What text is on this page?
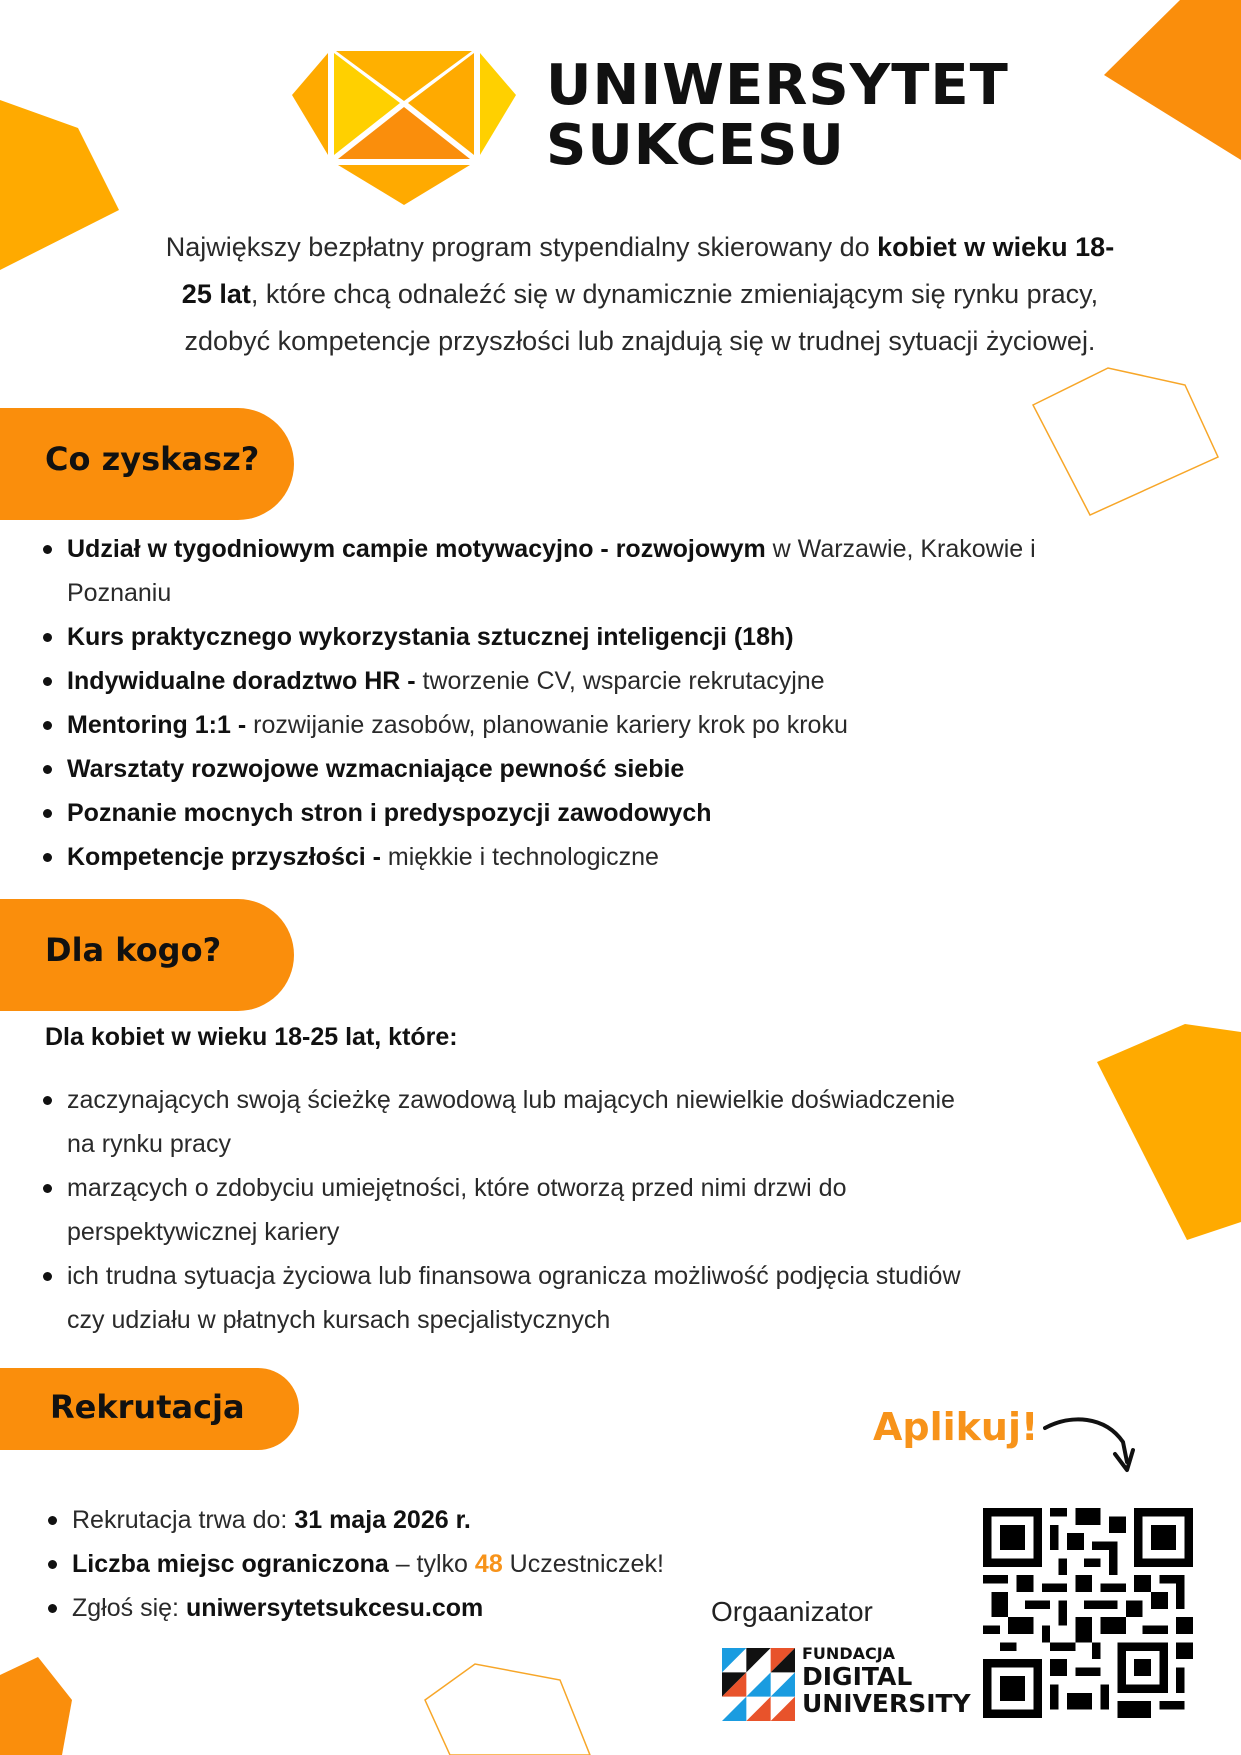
UNIWERSYTET
SUKCESU
Największy bezpłatny program stypendialny skierowany do kobiet w wieku 18- 25 lat, które chcą odnaleźć się w dynamicznie zmieniającym się rynku pracy, zdobyć kompetencje przyszłości lub znajdują się w trudnej sytuacji życiowej.
Co zyskasz?
Udział w tygodniowym campie motywacyjno - rozwojowym w Warzawie, Krakowie i Poznaniu
Kurs praktycznego wykorzystania sztucznej inteligencji (18h)
Indywidualne doradztwo HR - tworzenie CV, wsparcie rekrutacyjne
Mentoring 1:1 - rozwijanie zasobów, planowanie kariery krok po kroku
Warsztaty rozwojowe wzmacniające pewność siebie
Poznanie mocnych stron i predyspozycji zawodowych
Kompetencje przyszłości - miękkie i technologiczne
Dla kogo?
Dla kobiet w wieku 18-25 lat, które:
zaczynających swoją ścieżkę zawodową lub mających niewielkie doświadczenie na rynku pracy
marzących o zdobyciu umiejętności, które otworzą przed nimi drzwi do perspektywicznej kariery
ich trudna sytuacja życiowa lub finansowa ogranicza możliwość podjęcia studiów czy udziału w płatnych kursach specjalistycznych
Rekrutacja
Rekrutacja trwa do: 31 maja 2026 r.
Liczba miejsc ograniczona – tylko 48 Uczestniczek!
Zgłoś się: uniwersytetsukcesu.com
Aplikuj!
Orgaanizator
FUNDACJA
DIGITAL
UNIVERSITY
